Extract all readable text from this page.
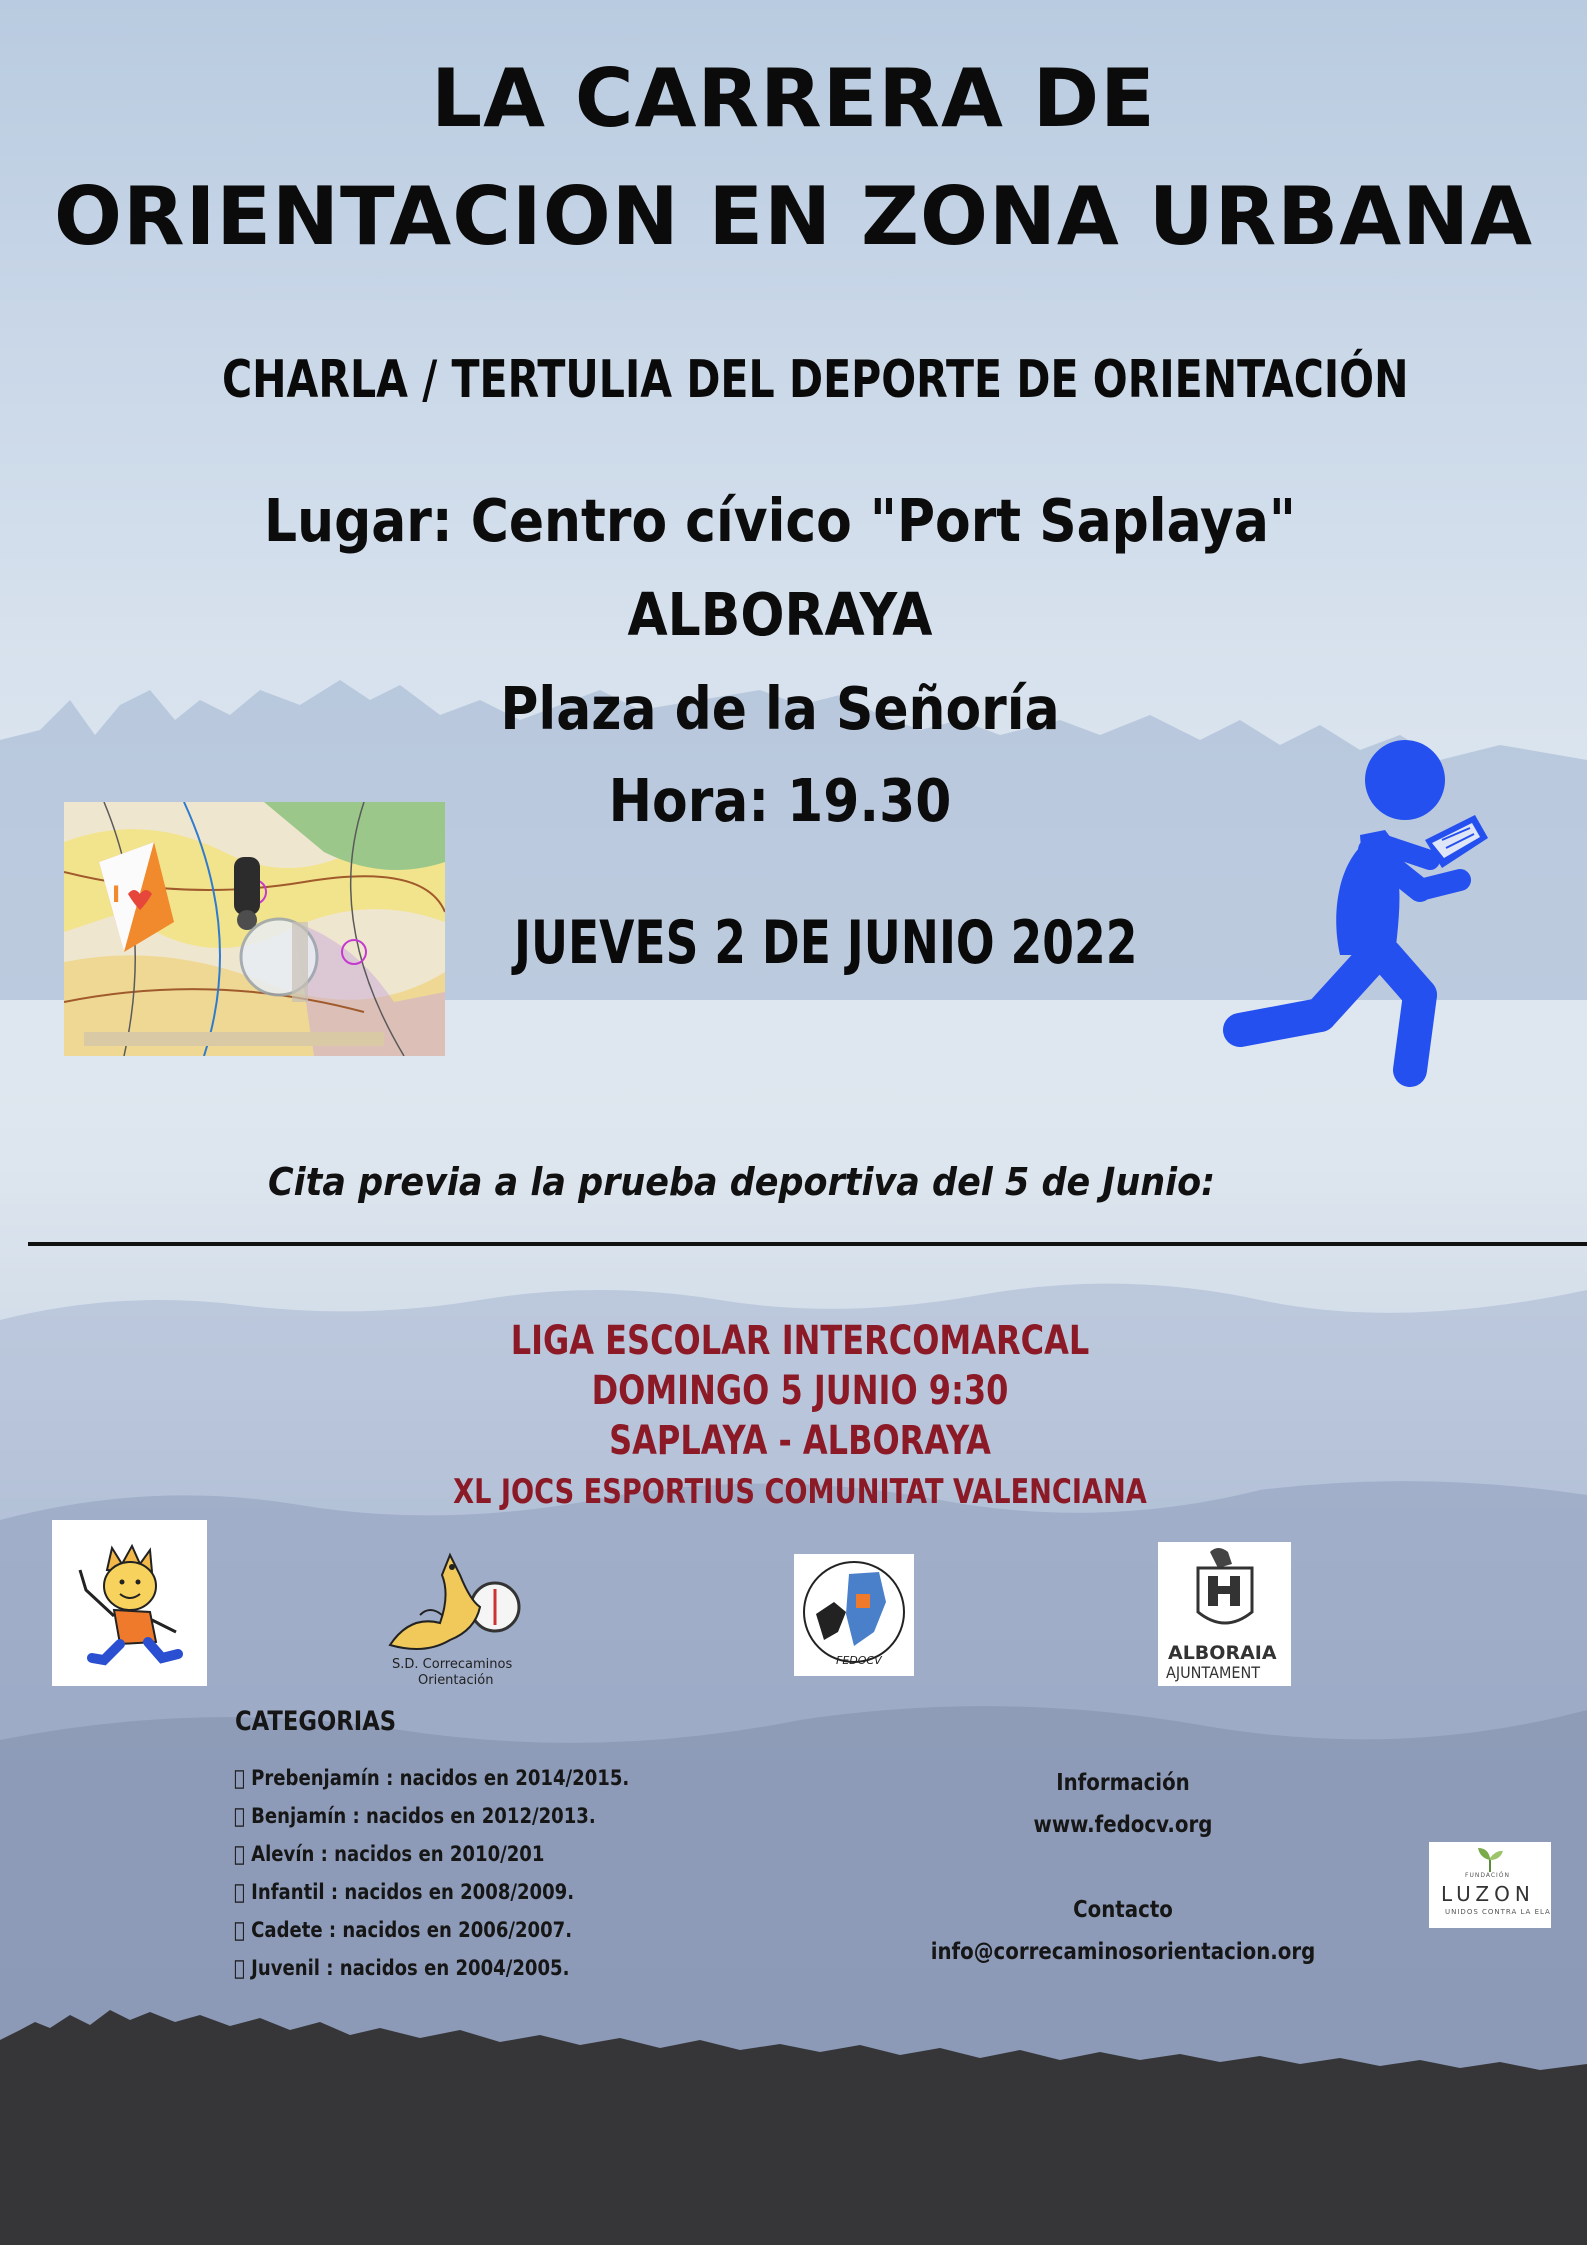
LA CARRERA DE
ORIENTACION EN ZONA URBANA
CHARLA / TERTULIA DEL DEPORTE DE ORIENTACIÓN
Lugar: Centro cívico "Port Saplaya"
ALBORAYA
Plaza de la Señoría
Hora: 19.30
I
JUEVES 2 DE JUNIO 2022
Cita previa a la prueba deportiva del 5 de Junio:
LIGA ESCOLAR INTERCOMARCAL
DOMINGO 5 JUNIO 9:30
SAPLAYA - ALBORAYA
XL JOCS ESPORTIUS COMUNITAT VALENCIANA
S.D. Correcaminos
Orientación
FEDOCV	ALBORAIA
AJUNTAMENT
CATEGORIAS
  Prebenjamín : nacidos en 2014/2015.
  Benjamín : nacidos en 2012/2013.
  Alevín : nacidos en 2010/201
  Infantil : nacidos en 2008/2009.
  Cadete : nacidos en 2006/2007.
  Juvenil : nacidos en 2004/2005.
Información
www.fedocv.org
Contacto
info@correcaminosorientacion.org
FUNDACIÓN
LUZON
UNIDOS CONTRA LA ELA
